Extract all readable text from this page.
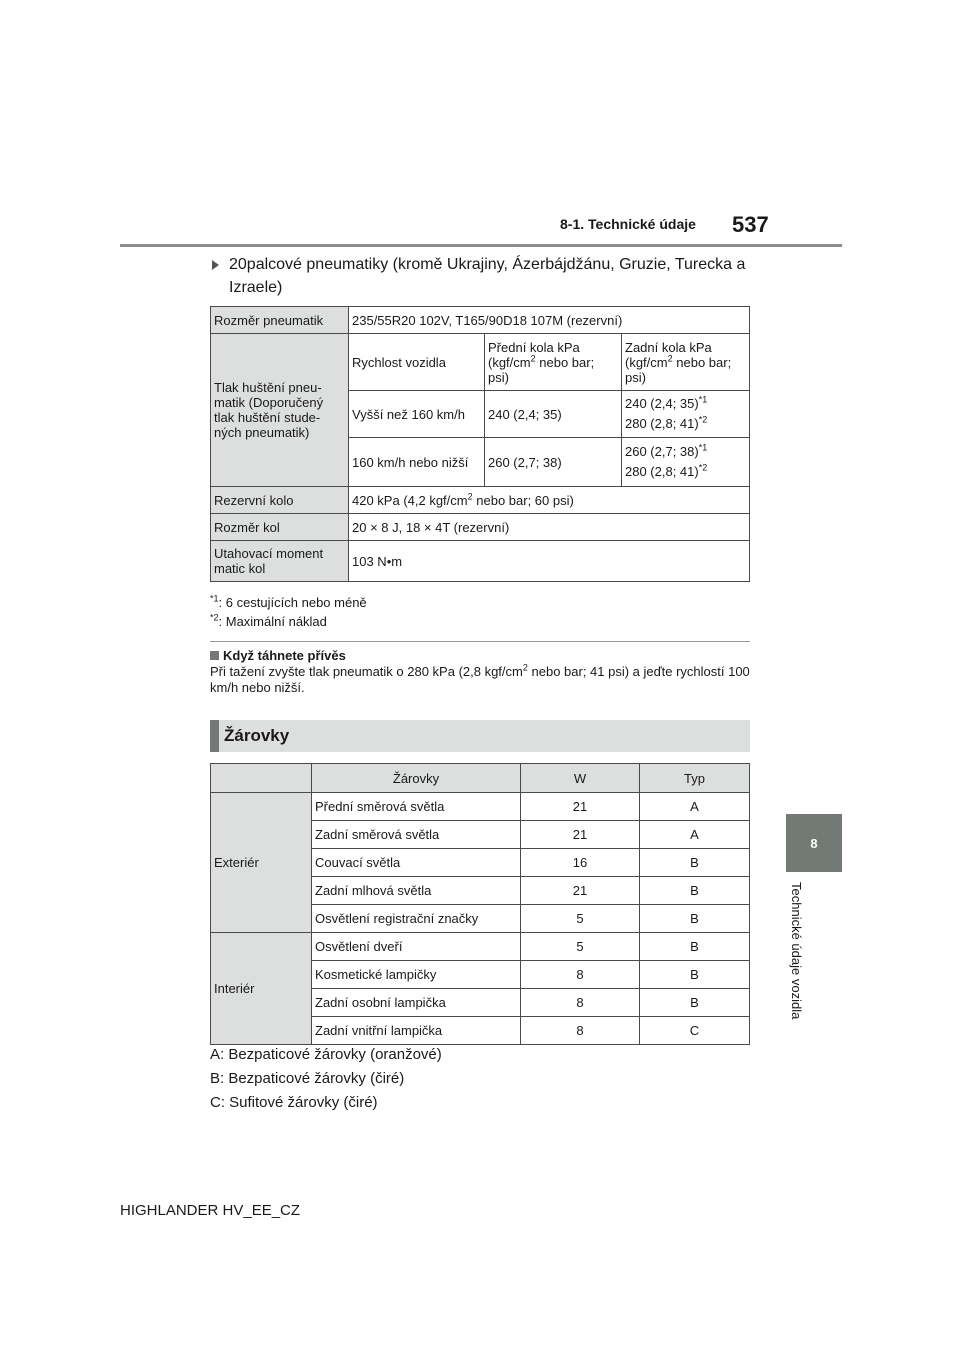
8-1. Technické údaje 537
8
Technické údaje vozidla
20palcové pneumatiky (kromě Ukrajiny, Ázerbájdžánu, Gruzie, Turecka a Izraele)
Rozměr pneumatik	235/55R20 102V, T165/90D18 107M (rezervní)		
Tlak huštění pneu-matik (Doporučený tlak huštění stude-ných pneumatik)	Rychlost vozidla	Přední kola kPa ($kgf/cm^2$ nebo bar; psi)	Zadní kola kPa ($kgf/cm^2$ nebo bar; psi)
	Vyšší než 160 km/h	240 (2,4; 35)	240 (2,4; 35)$^{*1}$
280 (2,8; 41)$^{*2}$
	160 km/h nebo nižší	260 (2,7; 38)	260 (2,7; 38)$^{*1}$
280 (2,8; 41)$^{*2}$
Rezervní kolo	420 kPa (4,2 kgf/$cm^2$ nebo bar; 60 psi)		
Rozměr kol	20 × 8 J, 18 × 4T (rezervní)		
Utahovací moment matic kol	103 N•m		
$^{*1}$: 6 cestujících nebo méně
$^{*2}$: Maximální náklad
Když táhnete přívěs
Při tažení zvyšte tlak pneumatik o 280 kPa (2,8 kgf/$cm^2$ nebo bar; 41 psi) a jeďte rychlostí 100 km/h nebo nižší.
Žárovky
	Žárovky	W	Typ
Exteriér	Přední směrová světla	21	A
	Zadní směrová světla	21	A
	Couvací světla	16	B
	Zadní mlhová světla	21	B
	Osvětlení registrační značky	5	B
Interiér	Osvětlení dveří	5	B
	Kosmetické lampičky	8	B
	Zadní osobní lampička	8	B
	Zadní vnitřní lampička	8	C
A: Bezpaticové žárovky (oranžové)
B: Bezpaticové žárovky (čiré)
C: Sufitové žárovky (čiré)
HIGHLANDER HV_EE_CZ
